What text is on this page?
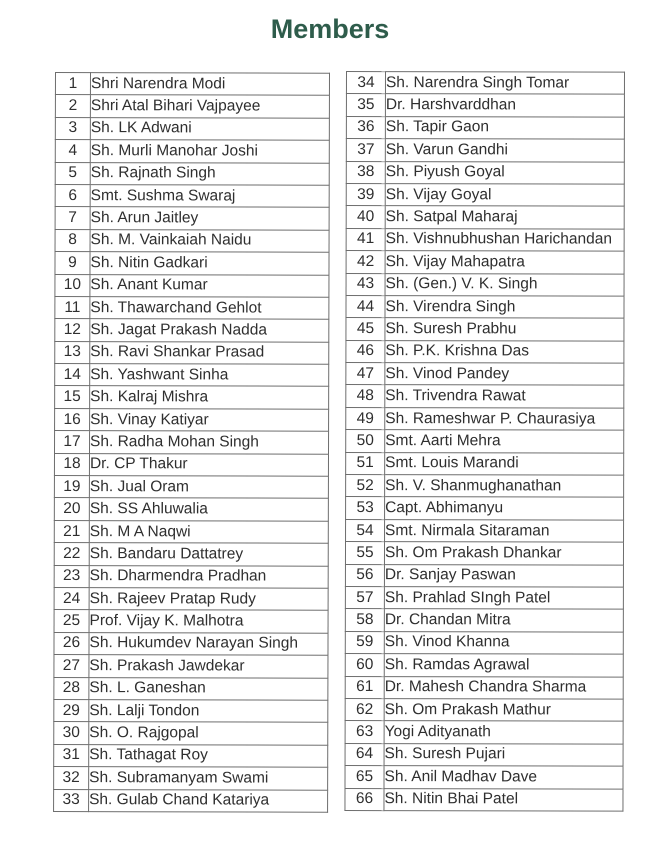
Members
1	Shri Narendra Modi
2	Shri Atal Bihari Vajpayee
3	Sh. LK Adwani
4	Sh. Murli Manohar Joshi
5	Sh. Rajnath Singh
6	Smt. Sushma Swaraj
7	Sh. Arun Jaitley
8	Sh. M. Vainkaiah Naidu
9	Sh. Nitin Gadkari
10	Sh. Anant Kumar
11	Sh. Thawarchand Gehlot
12	Sh. Jagat Prakash Nadda
13	Sh. Ravi Shankar Prasad
14	Sh. Yashwant Sinha
15	Sh. Kalraj Mishra
16	Sh. Vinay Katiyar
17	Sh. Radha Mohan Singh
18	Dr. CP Thakur
19	Sh. Jual Oram
20	Sh. SS Ahluwalia
21	Sh. M A Naqwi
22	Sh. Bandaru Dattatrey
23	Sh. Dharmendra Pradhan
24	Sh. Rajeev Pratap Rudy
25	Prof. Vijay K. Malhotra
26	Sh. Hukumdev Narayan Singh
27	Sh. Prakash Jawdekar
28	Sh. L. Ganeshan
29	Sh. Lalji Tondon
30	Sh. O. Rajgopal
31	Sh. Tathagat Roy
32	Sh. Subramanyam Swami
33	Sh. Gulab Chand Katariya
34	Sh. Narendra Singh Tomar
35	Dr. Harshvarddhan
36	Sh. Tapir Gaon
37	Sh. Varun Gandhi
38	Sh. Piyush Goyal
39	Sh. Vijay Goyal
40	Sh. Satpal Maharaj
41	Sh. Vishnubhushan Harichandan
42	Sh. Vijay Mahapatra
43	Sh. (Gen.) V. K. Singh
44	Sh. Virendra Singh
45	Sh. Suresh Prabhu
46	Sh. P.K. Krishna Das
47	Sh. Vinod Pandey
48	Sh. Trivendra Rawat
49	Sh. Rameshwar P. Chaurasiya
50	Smt. Aarti Mehra
51	Smt. Louis Marandi
52	Sh. V. Shanmughanathan
53	Capt. Abhimanyu
54	Smt. Nirmala Sitaraman
55	Sh. Om Prakash Dhankar
56	Dr. Sanjay Paswan
57	Sh. Prahlad SIngh Patel
58	Dr. Chandan Mitra
59	Sh. Vinod Khanna
60	Sh. Ramdas Agrawal
61	Dr. Mahesh Chandra Sharma
62	Sh. Om Prakash Mathur
63	Yogi Adityanath
64	Sh. Suresh Pujari
65	Sh. Anil Madhav Dave
66	Sh. Nitin Bhai Patel
